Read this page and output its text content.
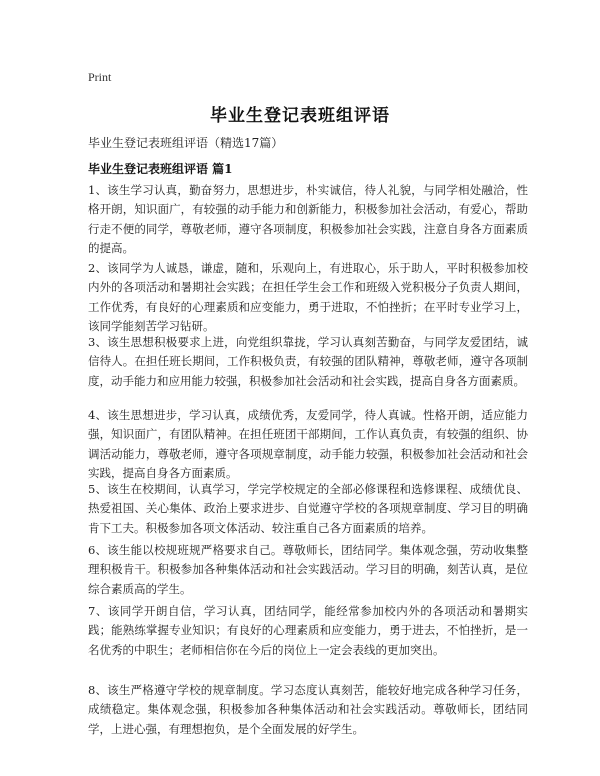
Print
毕业生登记表班组评语

毕业生登记表班组评语（精选17篇）

毕业生登记表班组评语 篇1

1、该生学习认真，勤奋努力，思想进步，朴实诚信，待人礼貌，与同学相处融洽，性格开朗，知识面广，有较强的动手能力和创新能力，积极参加社会活动，有爱心，帮助行走不便的同学，尊敬老师，遵守各项制度，积极参加社会实践，注意自身各方面素质的提高。

2、该同学为人诚恳，谦虚，随和，乐观向上，有进取心，乐于助人，平时积极参加校内外的各项活动和暑期社会实践；在担任学生会工作和班级入党积极分子负责人期间，工作优秀，有良好的心理素质和应变能力，勇于进取，不怕挫折；在平时专业学习上，该同学能刻苦学习钻研。

3、该生思想积极要求上进，向党组织靠拢，学习认真刻苦勤奋，与同学友爱团结，诚信待人。在担任班长期间，工作积极负责，有较强的团队精神，尊敬老师，遵守各项制度，动手能力和应用能力较强，积极参加社会活动和社会实践，提高自身各方面素质。

4、该生思想进步，学习认真，成绩优秀，友爱同学，待人真诚。性格开朗，适应能力强，知识面广，有团队精神。在担任班团干部期间，工作认真负责，有较强的组织、协调活动能力，尊敬老师，遵守各项规章制度，动手能力较强，积极参加社会活动和社会实践，提高自身各方面素质。

5、该生在校期间，认真学习，学完学校规定的全部必修课程和选修课程、成绩优良、热爱祖国、关心集体、政治上要求进步、自觉遵守学校的各项规章制度、学习目的明确肯下工夫。积极参加各项文体活动、较注重自己各方面素质的培养。

6、该生能以校规班规严格要求自己。尊敬师长，团结同学。集体观念强，劳动收集整理积极肯干。积极参加各种集体活动和社会实践活动。学习目的明确，刻苦认真，是位综合素质高的学生。

7、该同学开朗自信，学习认真，团结同学，能经常参加校内外的各项活动和暑期实践；能熟练掌握专业知识；有良好的心理素质和应变能力，勇于进去，不怕挫折，是一名优秀的中职生；老师相信你在今后的岗位上一定会表线的更加突出。

8、该生严格遵守学校的规章制度。学习态度认真刻苦，能较好地完成各种学习任务，成绩稳定。集体观念强，积极参加各种集体活动和社会实践活动。尊敬师长，团结同学，上进心强，有理想抱负，是个全面发展的好学生。
